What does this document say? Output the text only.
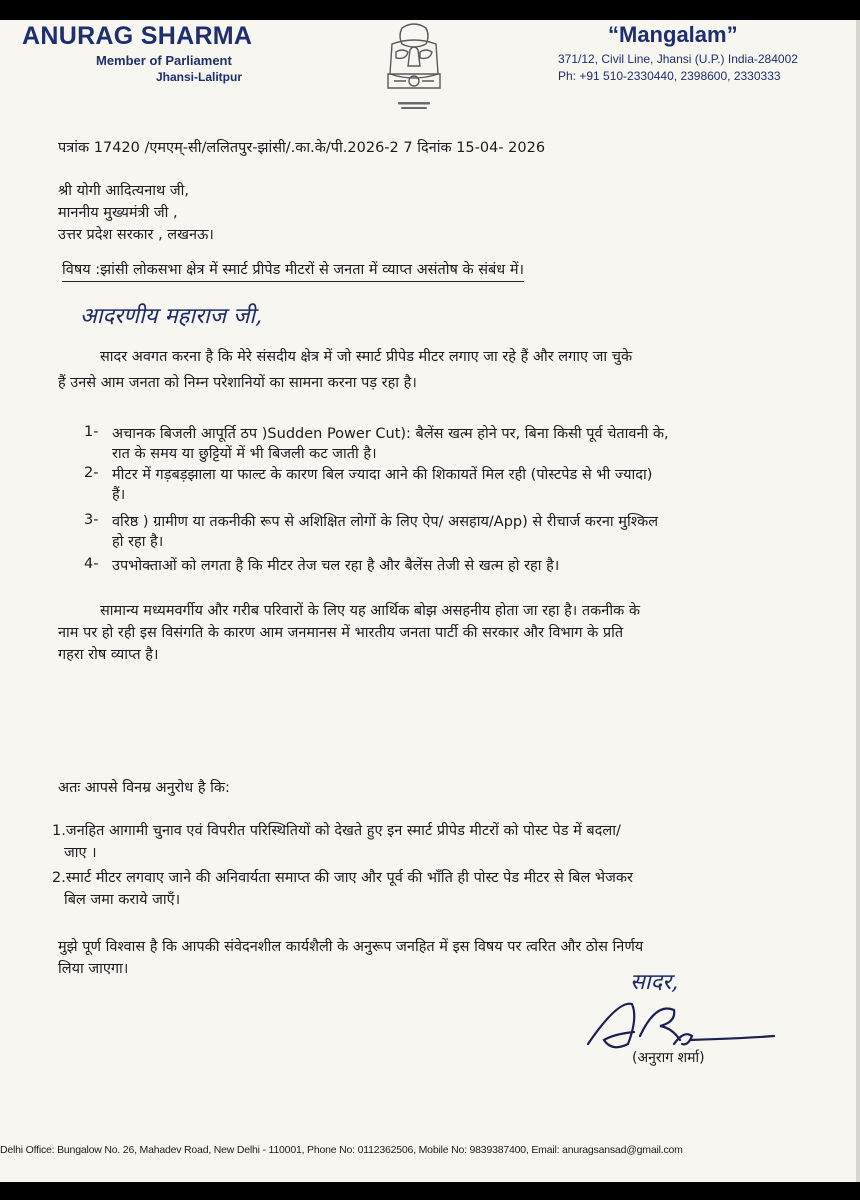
ANURAG SHARMA
Member of Parliament
Jhansi-Lalitpur
“Mangalam”
371/12, Civil Line, Jhansi (U.P.) India-284002
Ph: +91 510-2330440, 2398600, 2330333
पत्रांक 17420 /एमएम्‌-सी/ललितपुर-झांसी/.का.के/पी.2026-2 7 दिनांक 15-04- 2026
श्री योगी आदित्यनाथ जी,
माननीय मुख्यमंत्री जी ,
उत्तर प्रदेश सरकार , लखनऊ।
विषय :झांसी लोकसभा क्षेत्र में स्मार्ट प्रीपेड मीटरों से जनता में व्याप्त असंतोष के संबंध में।
आदरणीय महाराज जी,
सादर अवगत करना है कि मेरे संसदीय क्षेत्र में जो स्मार्ट प्रीपेड मीटर लगाए जा रहे हैं और लगाए जा चुके
हैं उनसे आम जनता को निम्न परेशानियों का सामना करना पड़ रहा है।
1- अचानक बिजली आपूर्ति ठप )Sudden Power Cut): बैलेंस खत्म होने पर, बिना किसी पूर्व चेतावनी के,
रात के समय या छुट्टियों में भी बिजली कट जाती है।
2- मीटर में गड़बड़झाला या फाल्ट के कारण बिल ज्यादा आने की शिकायतें मिल रही (पोस्टपेड से भी ज्यादा)
हैं।
3- वरिष्ठ ) ग्रामीण या तकनीकी रूप से अशिक्षित लोगों के लिए ऐप/ असहाय/App) से रीचार्ज करना मुश्किल
हो रहा है।
4- उपभोक्ताओं को लगता है कि मीटर तेज चल रहा है और बैलेंस तेजी से खत्म हो रहा है।
सामान्य मध्यमवर्गीय और गरीब परिवारों के लिए यह आर्थिक बोझ असहनीय होता जा रहा है। तकनीक के
नाम पर हो रही इस विसंगति के कारण आम जनमानस में भारतीय जनता पार्टी की सरकार और विभाग के प्रति
गहरा रोष व्याप्त है।
अतः आपसे विनम्र अनुरोध है कि:
1.जनहित आगामी चुनाव एवं विपरीत परिस्थितियों को देखते हुए इन स्मार्ट प्रीपेड मीटरों को पोस्ट पेड में बदला/
जाए ।
2.स्मार्ट मीटर लगवाए जाने की अनिवार्यता समाप्त की जाए और पूर्व की भाँति ही पोस्ट पेड मीटर से बिल भेजकर
बिल जमा कराये जाएँ।
मुझे पूर्ण विश्वास है कि आपकी संवेदनशील कार्यशैली के अनुरूप जनहित में इस विषय पर त्वरित और ठोस निर्णय
लिया जाएगा।
सादर,
(अनुराग शर्मा)
Delhi Office: Bungalow No. 26, Mahadev Road, New Delhi - 110001, Phone No: 0112362506, Mobile No: 9839387400, Email: anuragsansad@gmail.com
